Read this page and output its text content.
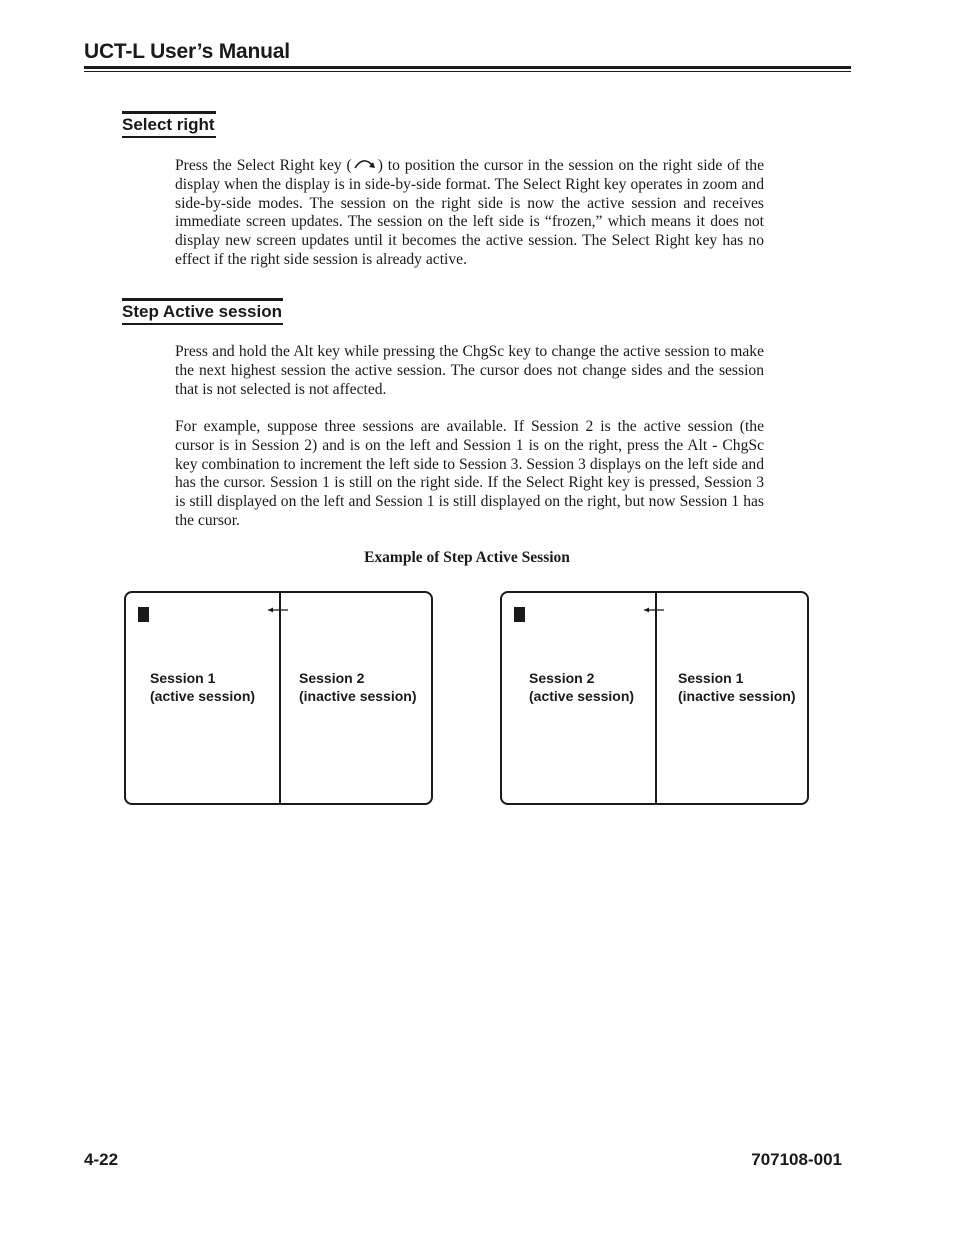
UCT-L User’s Manual
Select right

Press the Select Right key ( ) to position the cursor in the session on the right side of the display when the display is in side-by-side format. The Select Right key operates in zoom and side-by-side modes. The session on the right side is now the active session and receives immediate screen updates. The session on the left side is “frozen,” which means it does not display new screen updates until it becomes the active session. The Select Right key has no effect if the right side session is already active.

Step Active session

Press and hold the Alt key while pressing the ChgSc key to change the active session to make the next highest session the active session. The cursor does not change sides and the session that is not selected is not affected.

For example, suppose three sessions are available. If Session 2 is the active session (the cursor is in Session 2) and is on the left and Session 1 is on the right, press the Alt - ChgSc key combination to increment the left side to Session 3. Session 3 displays on the left side and has the cursor. Session 1 is still on the right side. If the Select Right key is pressed, Session 3 is still displayed on the left and Session 1 is still displayed on the right, but now Session 1 has the cursor.

Example of Step Active Session
Session 1
(active session)
Session 2
(inactive session)
Session 2
(active session)
Session 1
(inactive session)
4-22	707108-001
